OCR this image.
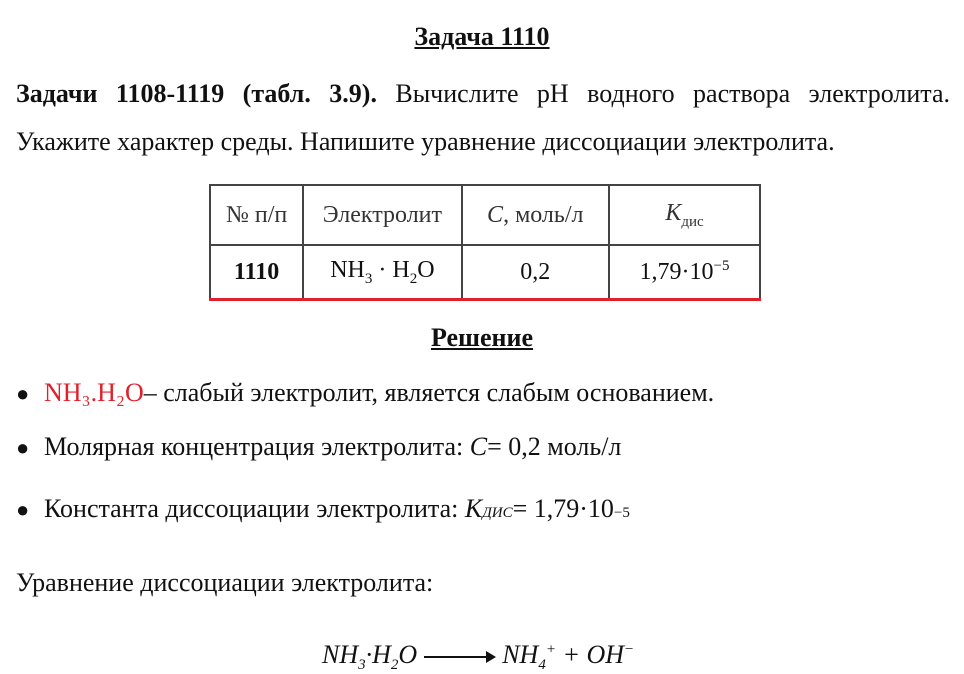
Задача 1110
Задачи 1108-1119 (табл. 3.9). Вычислите pH водного раствора электролита.
Укажите характер среды. Напишите уравнение диссоциации электролита.
№ п/п	Электролит	C, моль/л	$K_{дис}$
1110	$NH_3 \cdot H_2O$	0,2	$1,79\cdot 10^{-5}$
Решение
● NH₃.H₂O – слабый электролит, является слабым основанием.
● Молярная концентрация электролита:
C = 0,2 моль/л
● Константа диссоциации электролита:
K ДИС = 1,79·10 −5
Уравнение диссоциации электролита:
$NH_3\cdot H_2O$	$NH_4^+ + OH^-$
